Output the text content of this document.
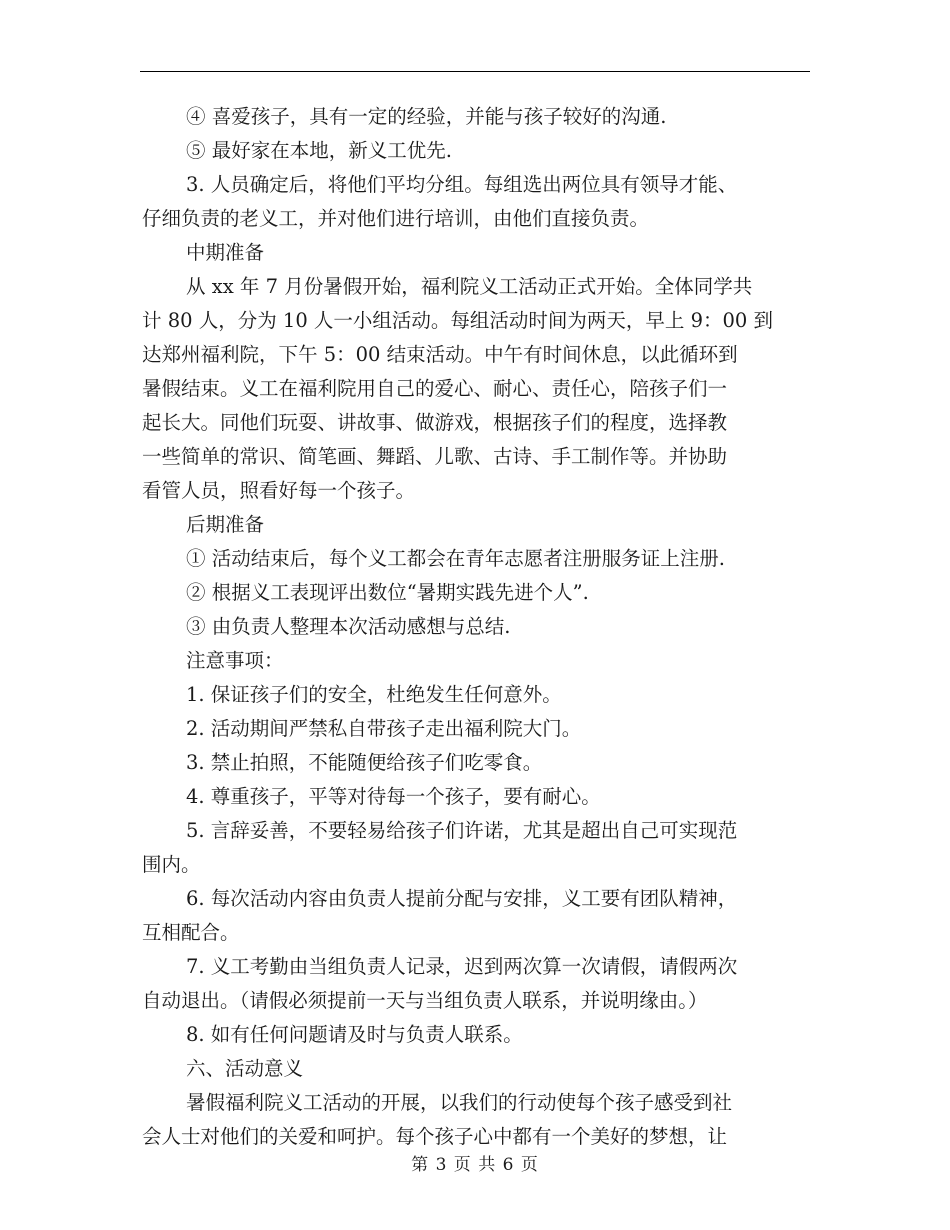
④ 喜爱孩子，具有一定的经验，并能与孩子较好的沟通.
⑤ 最好家在本地，新义工优先.
3. 人员确定后，将他们平均分组。每组选出两位具有领导才能、
仔细负责的老义工，并对他们进行培训，由他们直接负责。
中期准备
从 xx 年 7 月份暑假开始，福利院义工活动正式开始。全体同学共
计 80 人，分为 10 人一小组活动。每组活动时间为两天，早上 9：00 到
达郑州福利院，下午 5：00 结束活动。中午有时间休息，以此循环到
暑假结束。义工在福利院用自己的爱心、耐心、责任心，陪孩子们一
起长大。同他们玩耍、讲故事、做游戏，根据孩子们的程度，选择教
一些简单的常识、简笔画、舞蹈、儿歌、古诗、手工制作等。并协助
看管人员，照看好每一个孩子。
后期准备
① 活动结束后，每个义工都会在青年志愿者注册服务证上注册.
② 根据义工表现评出数位“暑期实践先进个人”.
③ 由负责人整理本次活动感想与总结.
注意事项：
1. 保证孩子们的安全，杜绝发生任何意外。
2. 活动期间严禁私自带孩子走出福利院大门。
3. 禁止拍照，不能随便给孩子们吃零食。
4. 尊重孩子，平等对待每一个孩子，要有耐心。
5. 言辞妥善，不要轻易给孩子们许诺，尤其是超出自己可实现范
围内。
6. 每次活动内容由负责人提前分配与安排，义工要有团队精神，
互相配合。
7. 义工考勤由当组负责人记录，迟到两次算一次请假，请假两次
自动退出。（请假必须提前一天与当组负责人联系，并说明缘由。）
8. 如有任何问题请及时与负责人联系。
六、活动意义
暑假福利院义工活动的开展，以我们的行动使每个孩子感受到社
会人士对他们的关爱和呵护。每个孩子心中都有一个美好的梦想，让
第 3 页 共 6 页
